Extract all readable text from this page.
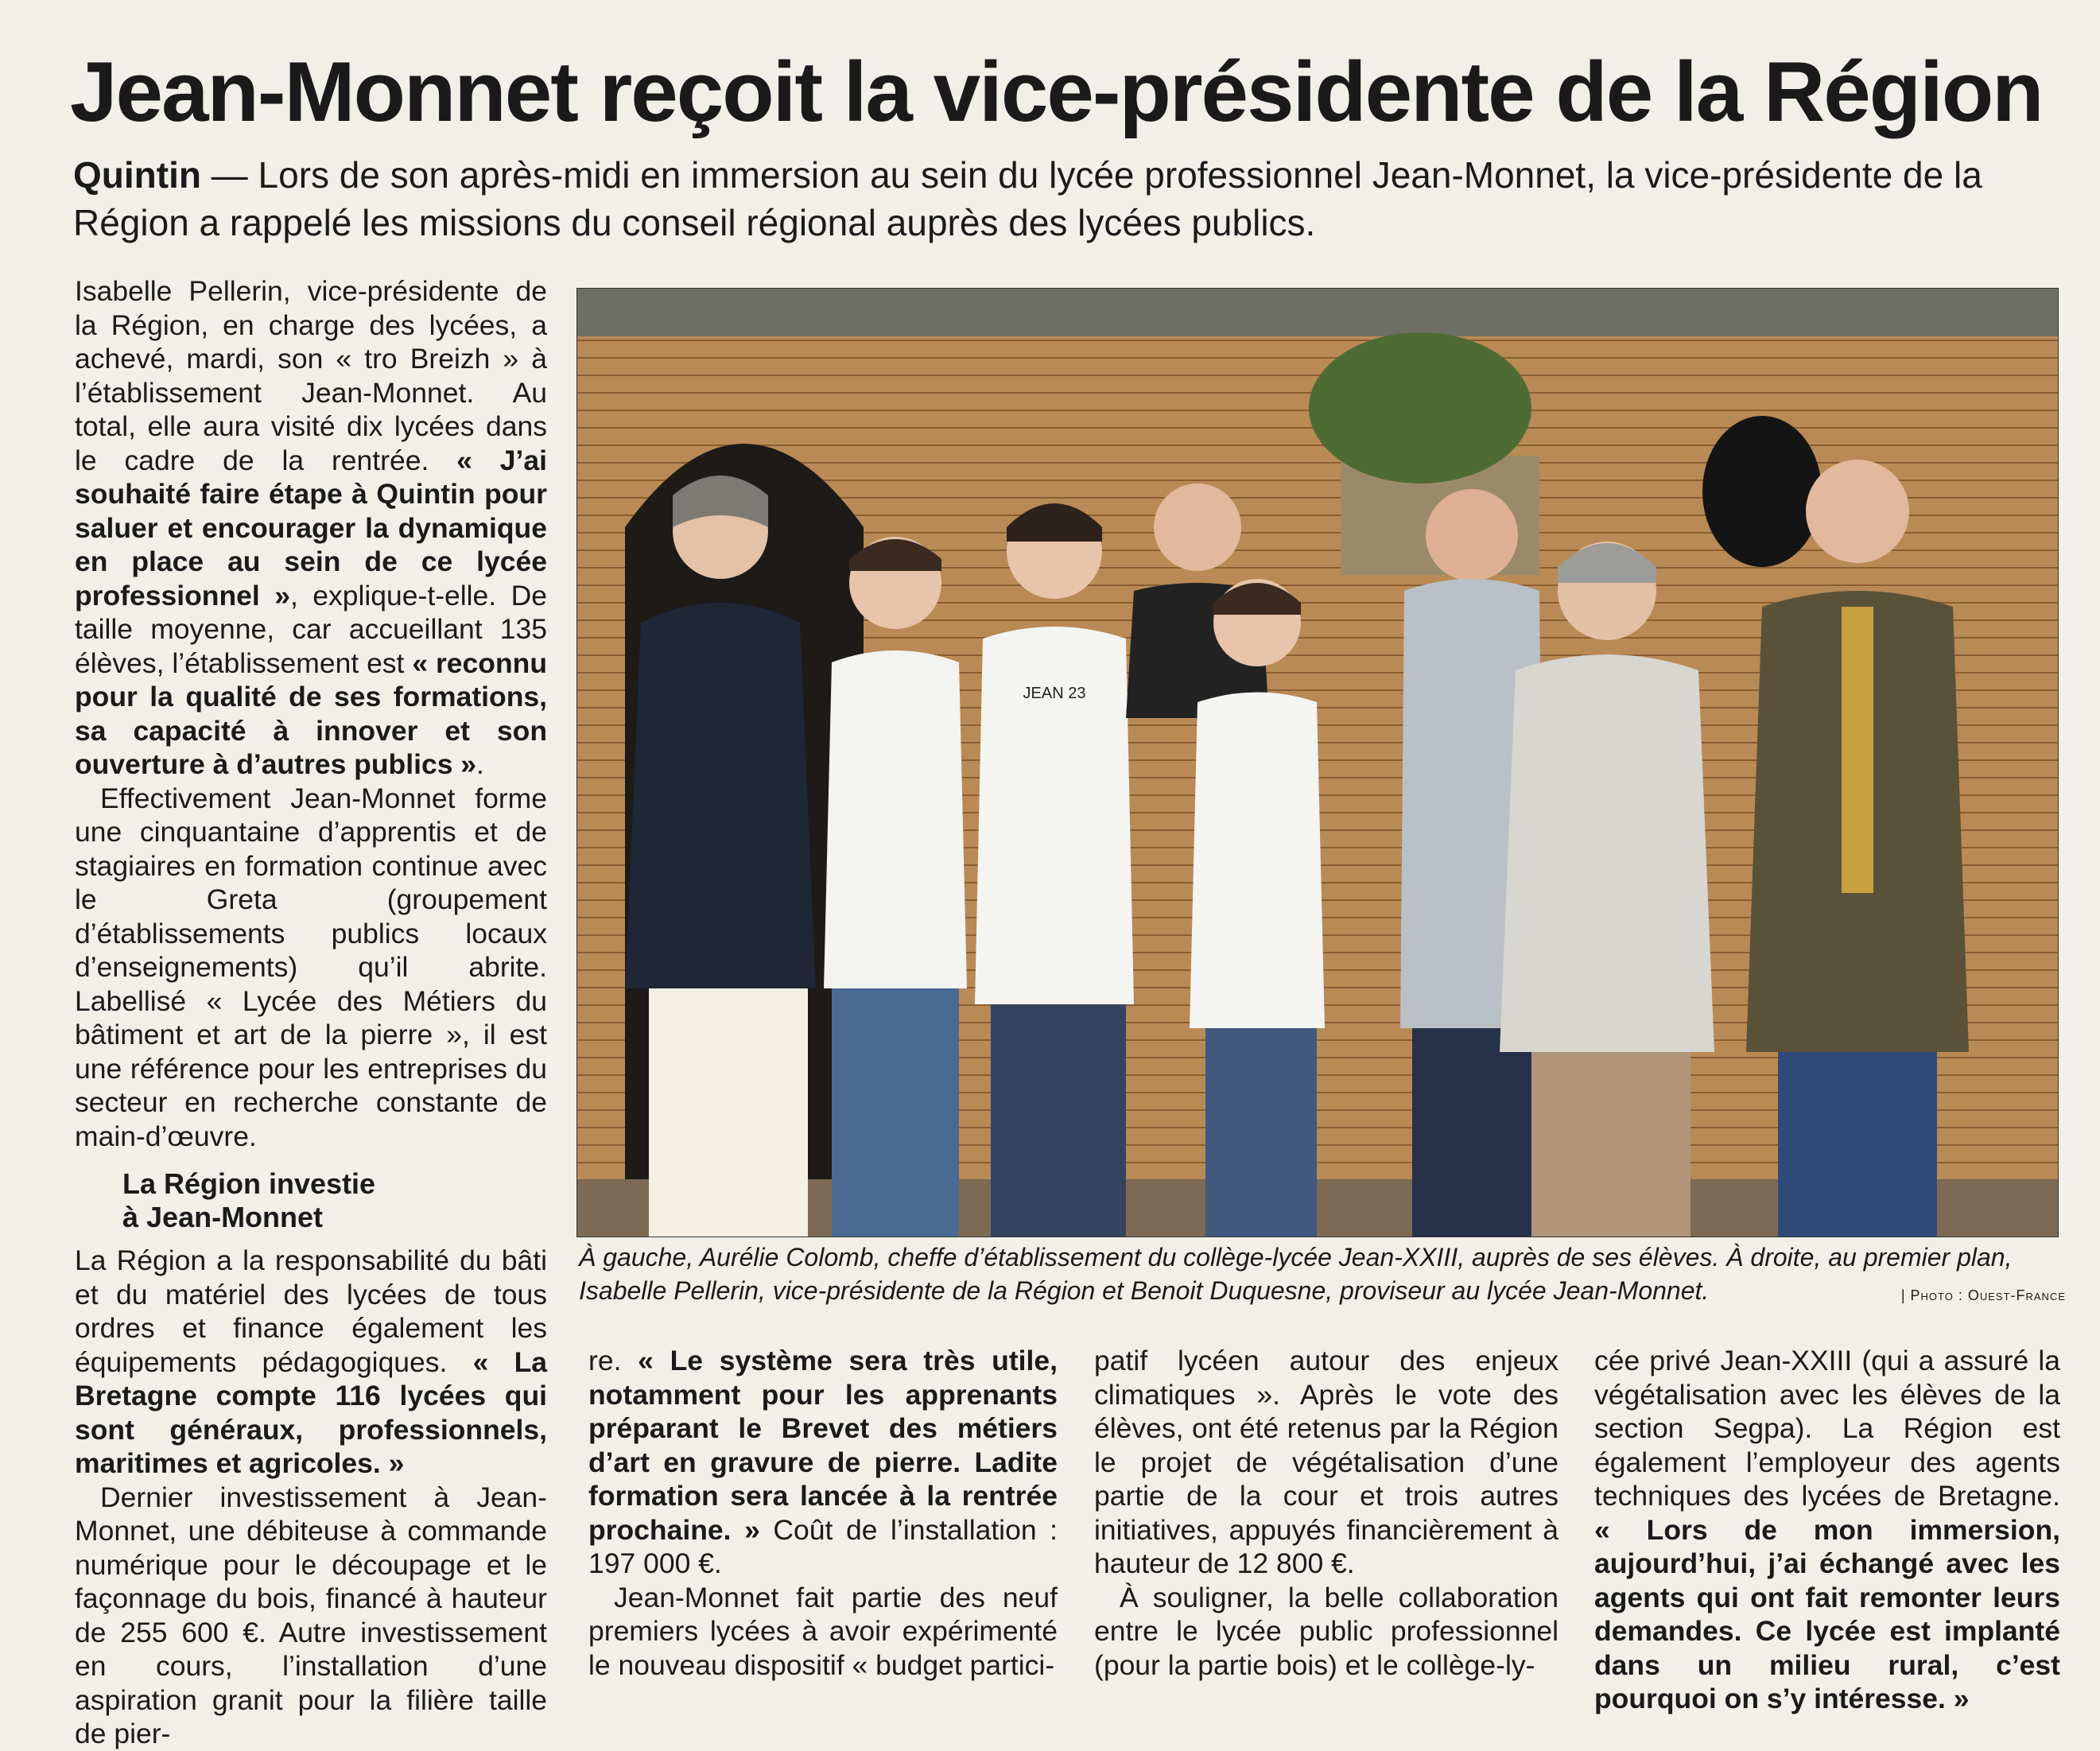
Jean-Monnet reçoit la vice-présidente de la Région

Quintin — Lors de son après-midi en immersion au sein du lycée professionnel Jean-Monnet, la vice-présidente de la Région a rappelé les missions du conseil régional auprès des lycées publics.

Isabelle Pellerin, vice-présidente de la Région, en charge des lycées, a achevé, mardi, son « tro Breizh » à l’établissement Jean-Monnet. Au total, elle aura visité dix lycées dans le cadre de la rentrée. « J’ai souhaité faire étape à Quintin pour saluer et encourager la dynamique en place au sein de ce lycée professionnel », explique-t-elle. De taille moyenne, car accueillant 135 élèves, l’établissement est « reconnu pour la qualité de ses formations, sa capacité à innover et son ouverture à d’autres publics ».

Effectivement Jean-Monnet forme une cinquantaine d’apprentis et de stagiaires en formation continue avec le Greta (groupement d’établissements publics locaux d’enseignements) qu’il abrite. Labellisé « Lycée des Métiers du bâtiment et art de la pierre », il est une référence pour les entreprises du secteur en recherche constante de main-d’œuvre.

La Région investie
à Jean-Monnet

La Région a la responsabilité du bâti et du matériel des lycées de tous ordres et finance également les équipements pédagogiques. « La Bretagne compte 116 lycées qui sont généraux, professionnels, maritimes et agricoles. »

Dernier investissement à Jean-Monnet, une débiteuse à commande numérique pour le découpage et le façonnage du bois, financé à hauteur de 255 600 €. Autre investissement en cours, l’installation d’une aspiration granit pour la filière taille de pier-

JEAN 23
À gauche, Aurélie Colomb, cheffe d’établissement du collège-lycée Jean-XXIII, auprès de ses élèves. À droite, au premier plan, Isabelle Pellerin, vice-présidente de la Région et Benoit Duquesne, proviseur au lycée Jean-Monnet.	| Photo : Ouest-France

re. « Le système sera très utile, notamment pour les apprenants préparant le Brevet des métiers d’art en gravure de pierre. Ladite formation sera lancée à la rentrée prochaine. » Coût de l’installation : 197 000 €.

Jean-Monnet fait partie des neuf premiers lycées à avoir expérimenté le nouveau dispositif « budget partici-

patif lycéen autour des enjeux climatiques ». Après le vote des élèves, ont été retenus par la Région le projet de végétalisation d’une partie de la cour et trois autres initiatives, appuyés financièrement à hauteur de 12 800 €.

À souligner, la belle collaboration entre le lycée public professionnel (pour la partie bois) et le collège-ly-

cée privé Jean-XXIII (qui a assuré la végétalisation avec les élèves de la section Segpa). La Région est également l’employeur des agents techniques des lycées de Bretagne. « Lors de mon immersion, aujourd’hui, j’ai échangé avec les agents qui ont fait remonter leurs demandes. Ce lycée est implanté dans un milieu rural, c’est pourquoi on s’y intéresse. »
